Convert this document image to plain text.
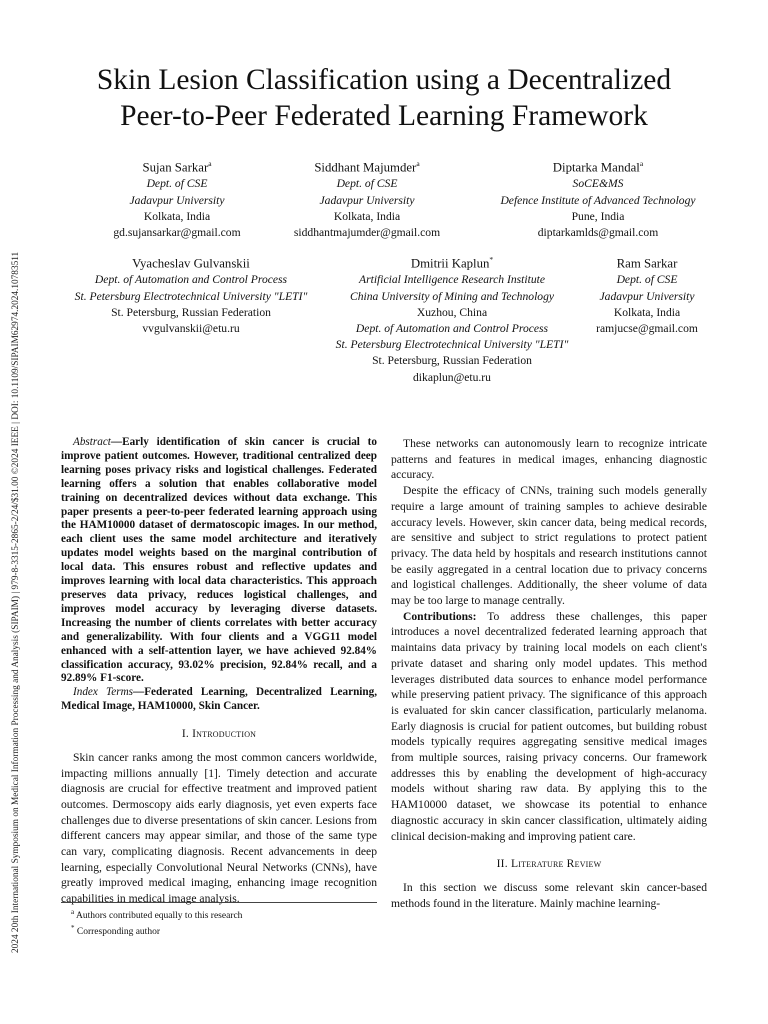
2024 20th International Symposium on Medical Information Processing and Analysis (SIPAIM) | 979-8-3315-2865-2/24/$31.00 ©2024 IEEE | DOI: 10.1109/SIPAIM62974.2024.10783511
Skin Lesion Classification using a Decentralized
Peer-to-Peer Federated Learning Framework
Sujan Sarkar$^a$
Dept. of CSE
Jadavpur University
Kolkata, India
gd.sujansarkar@gmail.com
Siddhant Majumder$^a$
Dept. of CSE
Jadavpur University
Kolkata, India
siddhantmajumder@gmail.com
Diptarka Mandal$^a$
SoCE&MS
Defence Institute of Advanced Technology
Pune, India
diptarkamlds@gmail.com
Vyacheslav Gulvanskii
Dept. of Automation and Control Process
St. Petersburg Electrotechnical University "LETI"
St. Petersburg, Russian Federation
vvgulvanskii@etu.ru
Dmitrii Kaplun*
Artificial Intelligence Research Institute
China University of Mining and Technology
Xuzhou, China
Dept. of Automation and Control Process
St. Petersburg Electrotechnical University "LETI"
St. Petersburg, Russian Federation
dikaplun@etu.ru
Ram Sarkar
Dept. of CSE
Jadavpur University
Kolkata, India
ramjucse@gmail.com

Abstract—Early identification of skin cancer is crucial to improve patient outcomes. However, traditional centralized deep learning poses privacy risks and logistical challenges. Federated learning offers a solution that enables collaborative model training on decentralized devices without data exchange. This paper presents a peer-to-peer federated learning approach using the HAM10000 dataset of dermatoscopic images. In our method, each client uses the same model architecture and iteratively updates model weights based on the marginal contribution of local data. This ensures robust and reflective updates and improves learning with local data characteristics. This approach preserves data privacy, reduces logistical challenges, and improves model accuracy by leveraging diverse datasets. Increasing the number of clients correlates with better accuracy and generalizability. With four clients and a VGG11 model enhanced with a self-attention layer, we have achieved 92.84% classification accuracy, 93.02% precision, 92.84% recall, and a 92.89% F1-score.

Index Terms—Federated Learning, Decentralized Learning, Medical Image, HAM10000, Skin Cancer.

I. Introduction

Skin cancer ranks among the most common cancers worldwide, impacting millions annually [1]. Timely detection and accurate diagnosis are crucial for effective treatment and improved patient outcomes. Dermoscopy aids early diagnosis, yet even experts face challenges due to diverse presentations of skin cancer. Lesions from different cancers may appear similar, and those of the same type can vary, complicating diagnosis. Recent advancements in deep learning, especially Convolutional Neural Networks (CNNs), have greatly improved medical imaging, enhancing image recognition capabilities in medical image analysis.

$^a$ Authors contributed equally to this research
* Corresponding author

These networks can autonomously learn to recognize intricate patterns and features in medical images, enhancing diagnostic accuracy.

Despite the efficacy of CNNs, training such models generally require a large amount of training samples to achieve desirable accuracy levels. However, skin cancer data, being medical records, are sensitive and subject to strict regulations to protect patient privacy. The data held by hospitals and research institutions cannot be easily aggregated in a central location due to privacy concerns and logistical challenges. Additionally, the sheer volume of data may be too large to manage centrally.

Contributions: To address these challenges, this paper introduces a novel decentralized federated learning approach that maintains data privacy by training local models on each client's private dataset and sharing only model updates. This method leverages distributed data sources to enhance model performance while preserving patient privacy. The significance of this approach is evaluated for skin cancer classification, particularly melanoma. Early diagnosis is crucial for patient outcomes, but building robust models typically requires aggregating sensitive medical images from multiple sources, raising privacy concerns. Our framework addresses this by enabling the development of high-accuracy models without sharing raw data. By applying this to the HAM10000 dataset, we showcase its potential to enhance diagnostic accuracy in skin cancer classification, ultimately aiding clinical decision-making and improving patient care.

II. Literature Review

In this section we discuss some relevant skin cancer-based methods found in the literature. Mainly machine learning-
